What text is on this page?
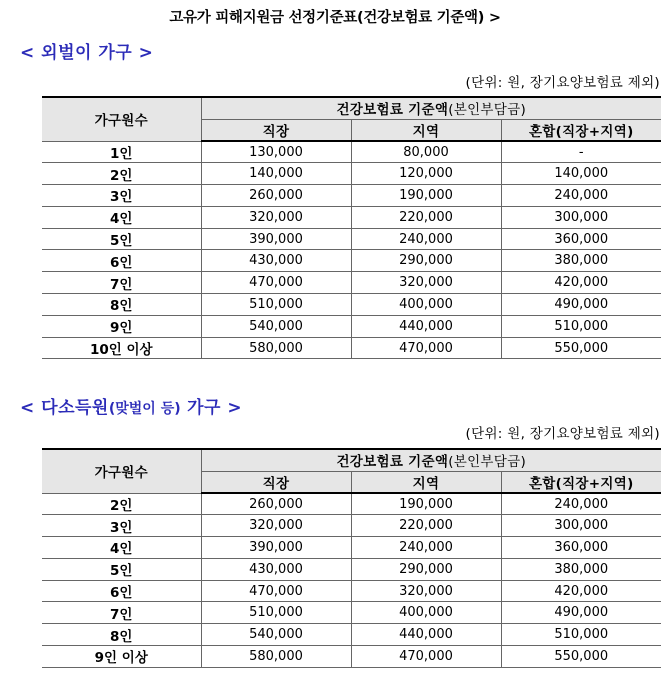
고유가 피해지원금 선정기준표(건강보험료 기준액) >
< 외벌이 가구 >
(단위: 원, 장기요양보험료 제외)
가구원수	건강보험료 기준액(본인부담금)		
	직장	지역	혼합(직장+지역)
1인	130,000	80,000	-
2인	140,000	120,000	140,000
3인	260,000	190,000	240,000
4인	320,000	220,000	300,000
5인	390,000	240,000	360,000
6인	430,000	290,000	380,000
7인	470,000	320,000	420,000
8인	510,000	400,000	490,000
9인	540,000	440,000	510,000
10인 이상	580,000	470,000	550,000
< 다소득원(맞벌이 등) 가구 >
(단위: 원, 장기요양보험료 제외)
가구원수	건강보험료 기준액(본인부담금)		
	직장	지역	혼합(직장+지역)
2인	260,000	190,000	240,000
3인	320,000	220,000	300,000
4인	390,000	240,000	360,000
5인	430,000	290,000	380,000
6인	470,000	320,000	420,000
7인	510,000	400,000	490,000
8인	540,000	440,000	510,000
9인 이상	580,000	470,000	550,000
